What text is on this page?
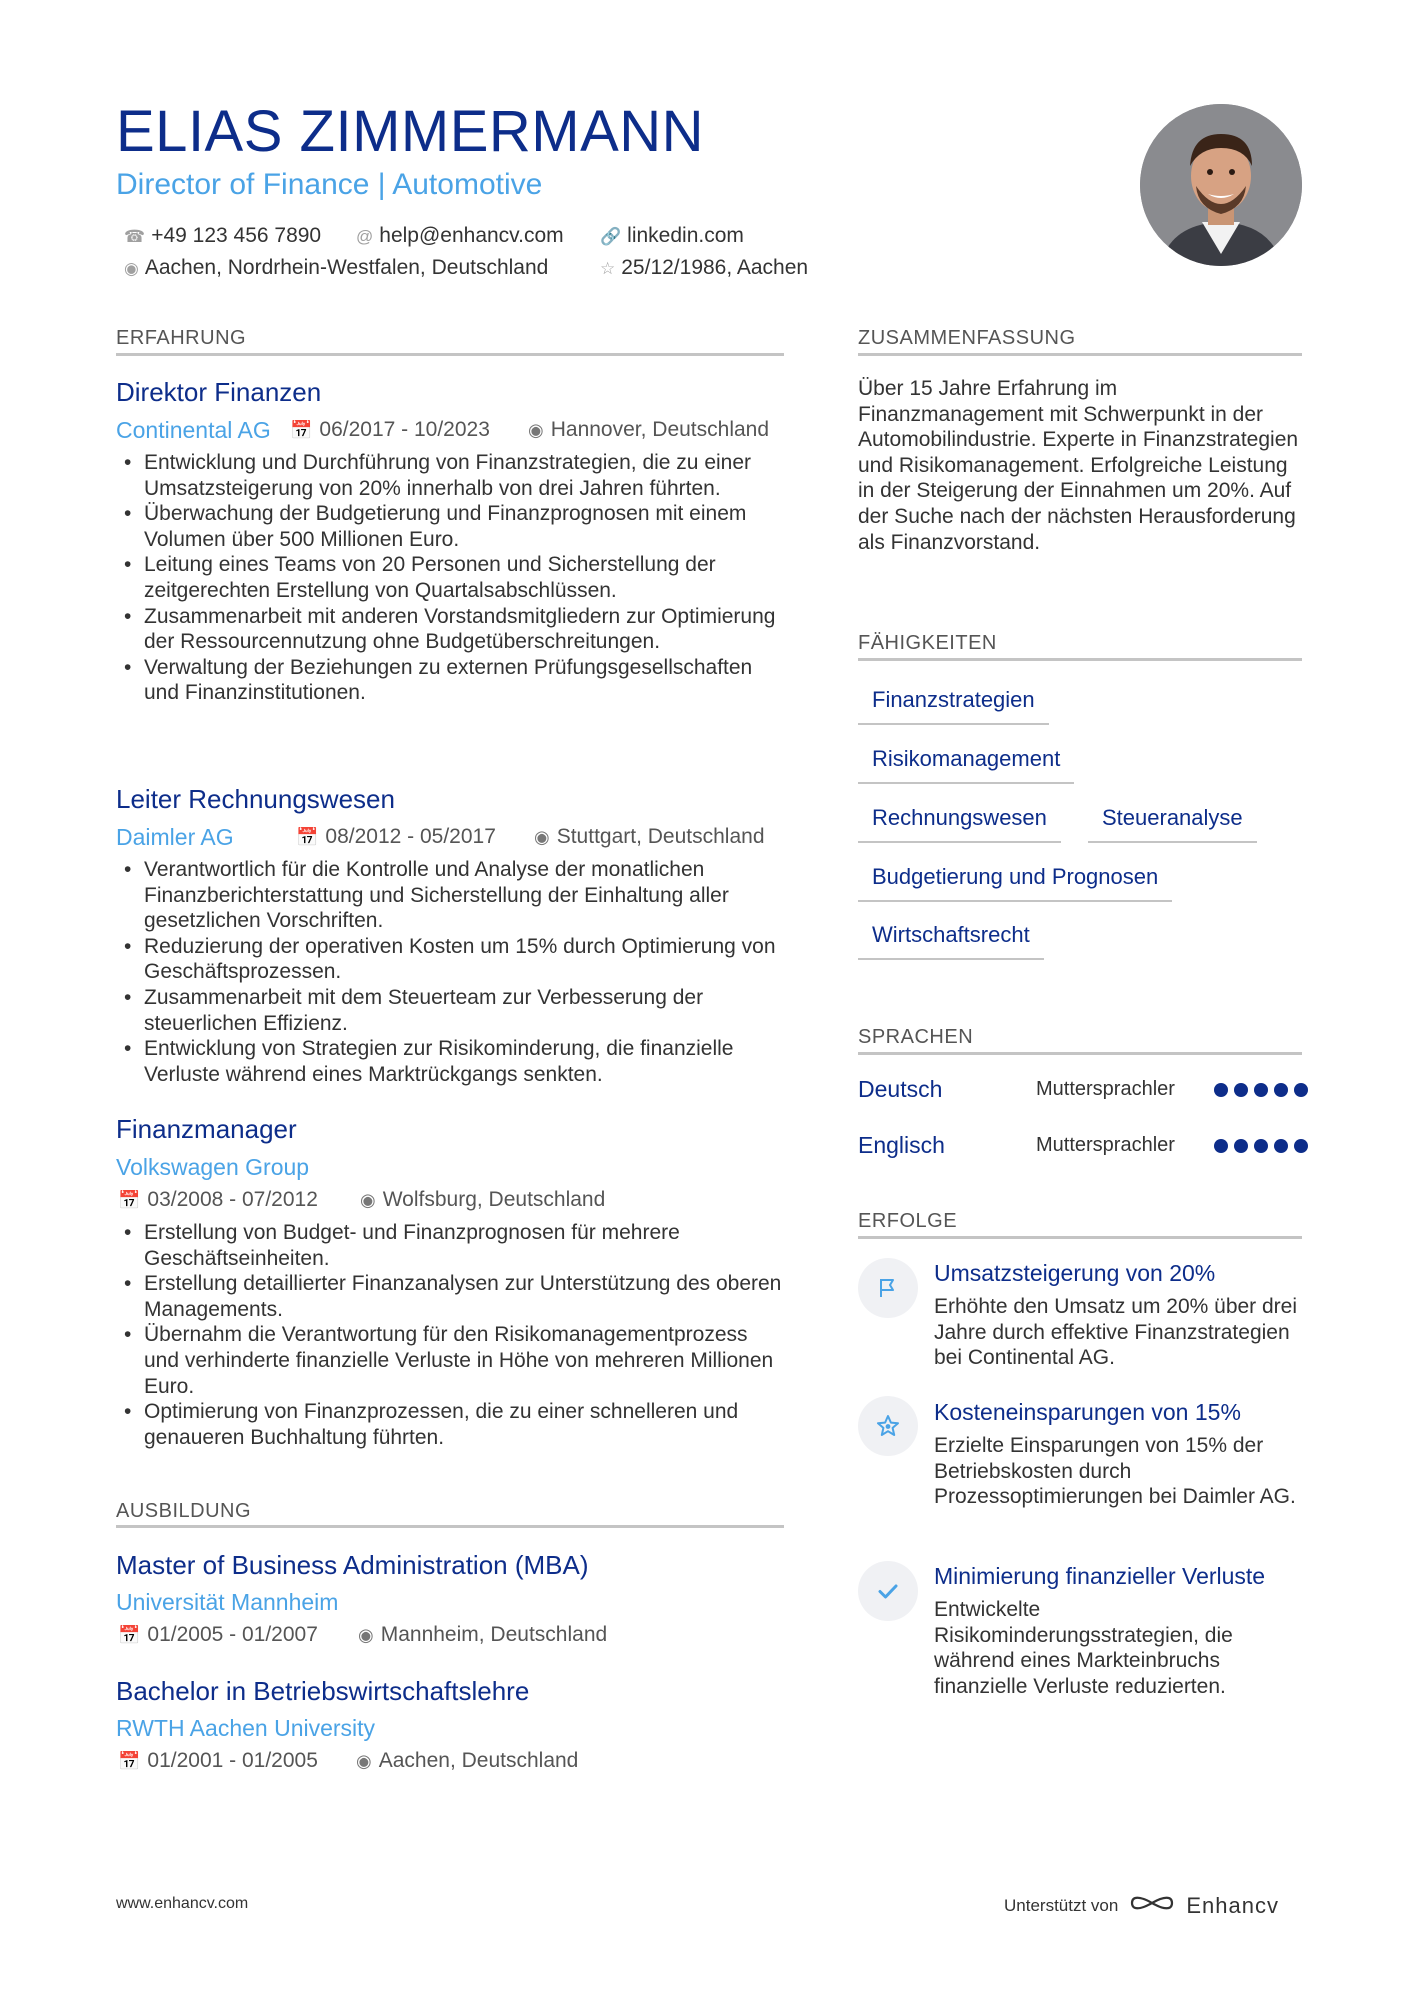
ELIAS ZIMMERMANN
Director of Finance | Automotive
☎ +49 123 456 7890 @ help@enhancv.com 🔗 linkedin.com
◉ Aachen, Nordrhein-Westfalen, Deutschland	☆ 25/12/1986, Aachen
ERFAHRUNG
Direktor Finanzen
Continental AG 📅 06/2017 - 10/2023 ◉ Hannover, Deutschland
• Entwicklung und Durchführung von Finanzstrategien, die zu einer Umsatzsteigerung von 20% innerhalb von drei Jahren führten.
• Überwachung der Budgetierung und Finanzprognosen mit einem Volumen über 500 Millionen Euro.
• Leitung eines Teams von 20 Personen und Sicherstellung der zeitgerechten Erstellung von Quartalsabschlüssen.
• Zusammenarbeit mit anderen Vorstandsmitgliedern zur Optimierung der Ressourcennutzung ohne Budgetüberschreitungen.
• Verwaltung der Beziehungen zu externen Prüfungsgesellschaften und Finanzinstitutionen.
Leiter Rechnungswesen
Daimler AG	📅 08/2012 - 05/2017 ◉ Stuttgart, Deutschland
• Verantwortlich für die Kontrolle und Analyse der monatlichen Finanzberichterstattung und Sicherstellung der Einhaltung aller gesetzlichen Vorschriften.
• Reduzierung der operativen Kosten um 15% durch Optimierung von Geschäftsprozessen.
• Zusammenarbeit mit dem Steuerteam zur Verbesserung der steuerlichen Effizienz.
• Entwicklung von Strategien zur Risikominderung, die finanzielle Verluste während eines Marktrückgangs senkten.
Finanzmanager
Volkswagen Group
📅 03/2008 - 07/2012 ◉ Wolfsburg, Deutschland
• Erstellung von Budget- und Finanzprognosen für mehrere Geschäftseinheiten.
• Erstellung detaillierter Finanzanalysen zur Unterstützung des oberen Managements.
• Übernahm die Verantwortung für den Risikomanagementprozess und verhinderte finanzielle Verluste in Höhe von mehreren Millionen Euro.
• Optimierung von Finanzprozessen, die zu einer schnelleren und genaueren Buchhaltung führten.
AUSBILDUNG
Master of Business Administration (MBA)
Universität Mannheim
📅 01/2005 - 01/2007 ◉ Mannheim, Deutschland
Bachelor in Betriebswirtschaftslehre
RWTH Aachen University
📅 01/2001 - 01/2005 ◉ Aachen, Deutschland
ZUSAMMENFASSUNG
Über 15 Jahre Erfahrung im Finanzmanagement mit Schwerpunkt in der Automobilindustrie. Experte in Finanzstrategien und Risikomanagement. Erfolgreiche Leistung in der Steigerung der Einnahmen um 20%. Auf der Suche nach der nächsten Herausforderung als Finanzvorstand.
FÄHIGKEITEN
Finanzstrategien
Risikomanagement
Rechnungswesen	Steueranalyse
Budgetierung und Prognosen
Wirtschaftsrecht
SPRACHEN
Deutsch	Muttersprachler
Englisch	Muttersprachler
ERFOLGE
Umsatzsteigerung von 20%
Erhöhte den Umsatz um 20% über drei Jahre durch effektive Finanzstrategien bei Continental AG.
Kosteneinsparungen von 15%
Erzielte Einsparungen von 15% der Betriebskosten durch Prozessoptimierungen bei Daimler AG.
Minimierung finanzieller Verluste
Entwickelte Risikominderungsstrategien, die während eines Markteinbruchs finanzielle Verluste reduzierten.
www.enhancv.com	Unterstützt von	Enhancv
